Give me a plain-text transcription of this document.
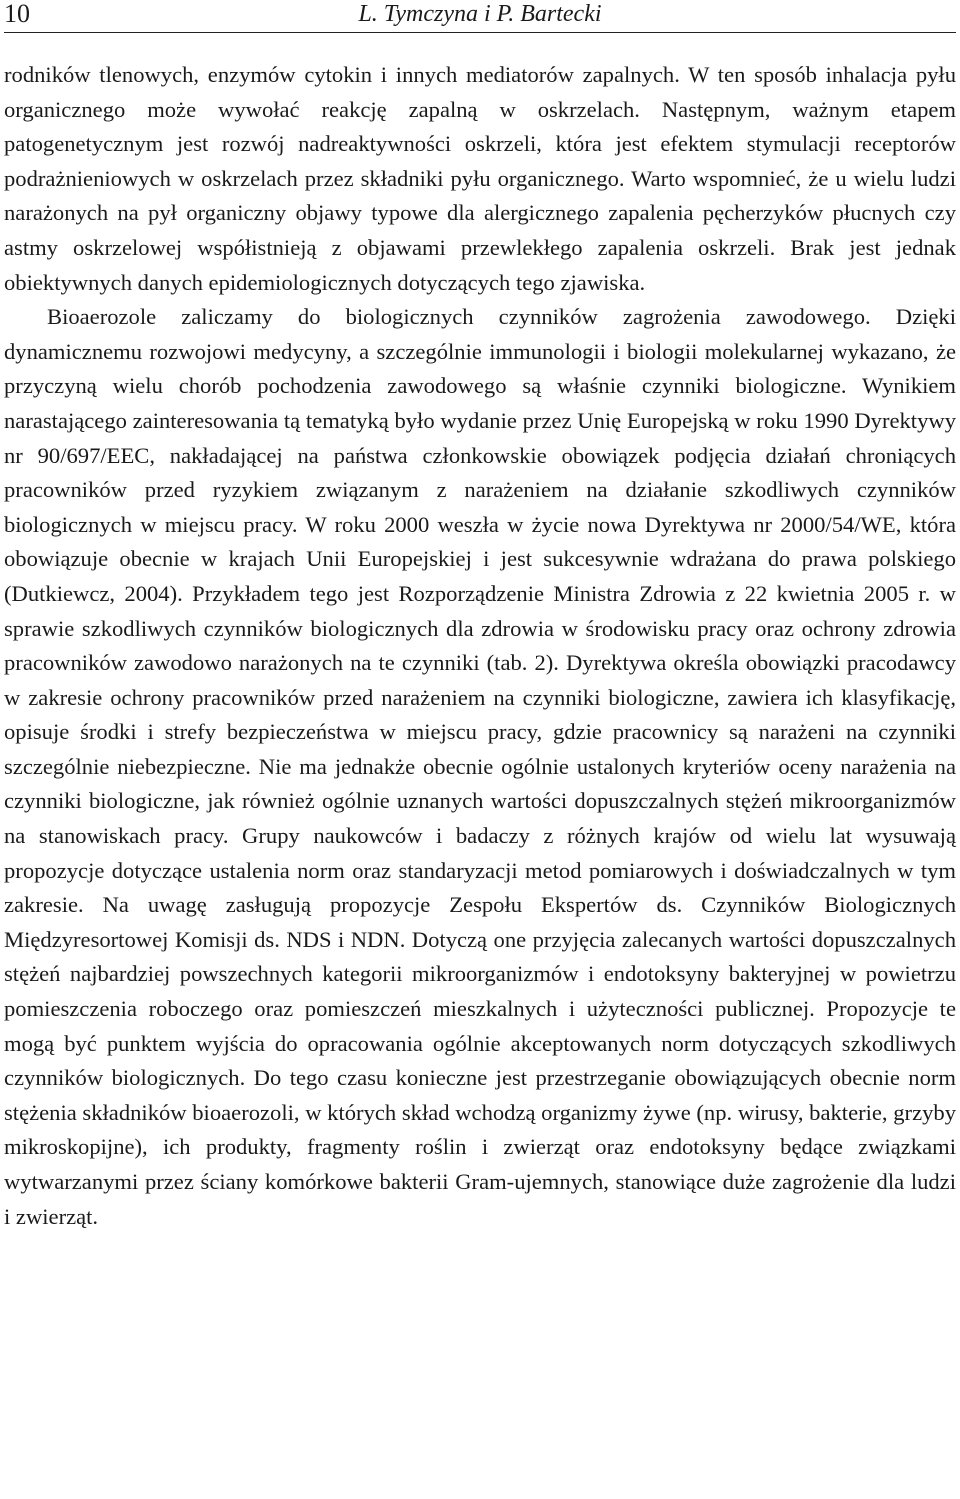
10	L. Tymczyna i P. Bartecki

rodników tlenowych, enzymów cytokin i innych mediatorów zapalnych. W ten sposób inhalacja pyłu organicznego może wywołać reakcję zapalną w oskrzelach. Następnym, ważnym etapem patogenetycznym jest rozwój nadreaktywności oskrzeli, która jest efektem stymulacji receptorów podrażnieniowych w oskrzelach przez składniki pyłu organicznego. Warto wspomnieć, że u wielu ludzi narażonych na pył organiczny objawy typowe dla alergicznego zapalenia pęcherzyków płucnych czy astmy oskrzelowej współistnieją z objawami przewlekłego zapalenia oskrzeli. Brak jest jednak obiektywnych danych epidemiologicznych dotyczących tego zjawiska.

Bioaerozole zaliczamy do biologicznych czynników zagrożenia zawodowego. Dzięki dynamicznemu rozwojowi medycyny, a szczególnie immunologii i biologii molekularnej wykazano, że przyczyną wielu chorób pochodzenia zawodowego są właśnie czynniki biologiczne. Wynikiem narastającego zainteresowania tą tematyką było wydanie przez Unię Europejską w roku 1990 Dyrektywy nr 90/697/EEC, nakładającej na państwa członkowskie obowiązek podjęcia działań chroniących pracowników przed ryzykiem związanym z narażeniem na działanie szkodliwych czynników biologicznych w miejscu pracy. W roku 2000 weszła w życie nowa Dyrektywa nr 2000/54/WE, która obowiązuje obecnie w krajach Unii Europejskiej i jest sukcesywnie wdrażana do prawa polskiego (Dutkiewcz, 2004). Przykładem tego jest Rozporządzenie Ministra Zdrowia z 22 kwietnia 2005 r. w sprawie szkodliwych czynników biologicznych dla zdrowia w środowisku pracy oraz ochrony zdrowia pracowników zawodowo narażonych na te czynniki (tab. 2). Dyrektywa określa obowiązki pracodawcy w zakresie ochrony pracowników przed narażeniem na czynniki biologiczne, zawiera ich klasyfikację, opisuje środki i strefy bezpieczeństwa w miejscu pracy, gdzie pracownicy są narażeni na czynniki szczególnie niebezpieczne. Nie ma jednakże obecnie ogólnie ustalonych kryteriów oceny narażenia na czynniki biologiczne, jak również ogólnie uznanych wartości dopuszczalnych stężeń mikroorganizmów na stanowiskach pracy. Grupy naukowców i badaczy z różnych krajów od wielu lat wysuwają propozycje dotyczące ustalenia norm oraz standaryzacji metod pomiarowych i doświadczalnych w tym zakresie. Na uwagę zasługują propozycje Zespołu Ekspertów ds. Czynników Biologicznych Międzyresortowej Komisji ds. NDS i NDN. Dotyczą one przyjęcia zalecanych wartości dopuszczalnych stężeń najbardziej powszechnych kategorii mikroorganizmów i endotoksyny bakteryjnej w powietrzu pomieszczenia roboczego oraz pomieszczeń mieszkalnych i użyteczności publicznej. Propozycje te mogą być punktem wyjścia do opracowania ogólnie akceptowanych norm dotyczących szkodliwych czynników biologicznych. Do tego czasu konieczne jest przestrzeganie obowiązujących obecnie norm stężenia składników bioaerozoli, w których skład wchodzą organizmy żywe (np. wirusy, bakterie, grzyby mikroskopijne), ich produkty, fragmenty roślin i zwierząt oraz endotoksyny będące związkami wytwarzanymi przez ściany komórkowe bakterii Gram-ujemnych, stanowiące duże zagrożenie dla ludzi i zwierząt.
